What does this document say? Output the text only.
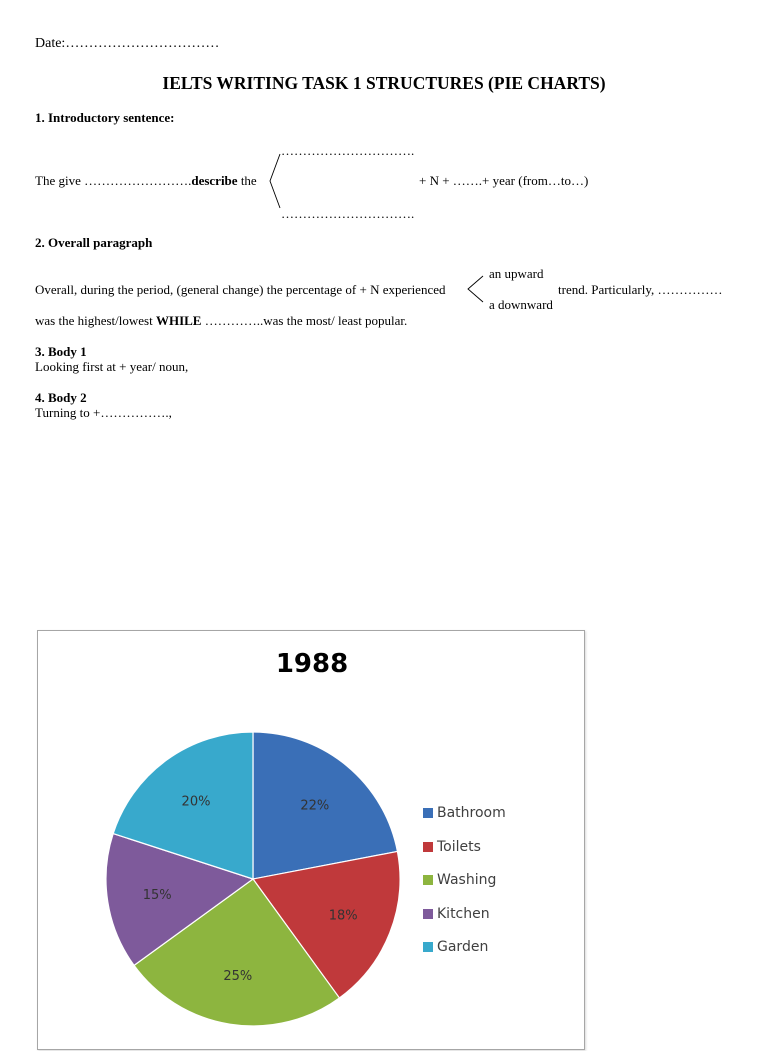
Date:……………………………
IELTS WRITING TASK 1 STRUCTURES (PIE CHARTS)
1. Introductory sentence:
………………………….
The give …………………….describe the	+ N + …….+ year (from…to…)
………………………….
2. Overall paragraph
an upward
Overall, during the period, (general change) the percentage of + N experienced	trend. Particularly, ……………
a downward
was the highest/lowest WHILE …………..was the most/ least popular.
3. Body 1
Looking first at + year/ noun,
4. Body 2
Turning to +…………….,
1988
22%
18%
25%
15%
20%
Bathroom
Toilets
Washing
Kitchen
Garden
